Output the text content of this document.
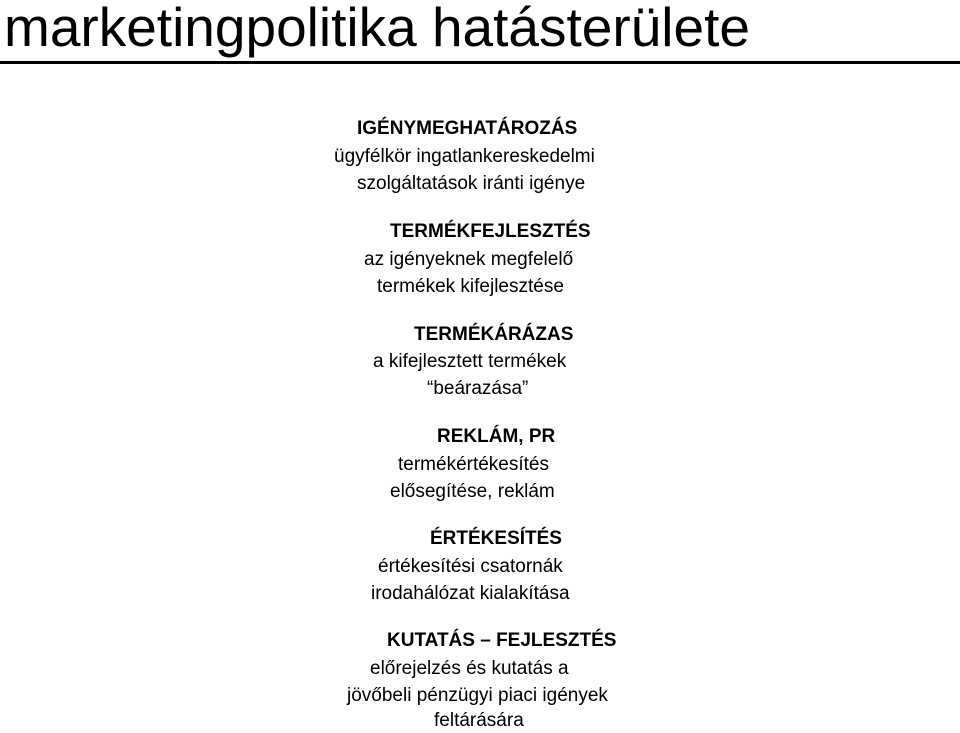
marketingpolitika hatásterülete
IGÉNYMEGHATÁROZÁS
ügyfélkör ingatlankereskedelmi
szolgáltatások iránti igénye
TERMÉKFEJLESZTÉS
az igényeknek megfelelő
termékek kifejlesztése
TERMÉKÁRÁZAS
a kifejlesztett termékek
“beárazása”
REKLÁM, PR
termékértékesítés
elősegítése, reklám
ÉRTÉKESÍTÉS
értékesítési csatornák
irodahálózat kialakítása
KUTATÁS – FEJLESZTÉS
előrejelzés és kutatás a
jövőbeli pénzügyi piaci igények
feltárására
